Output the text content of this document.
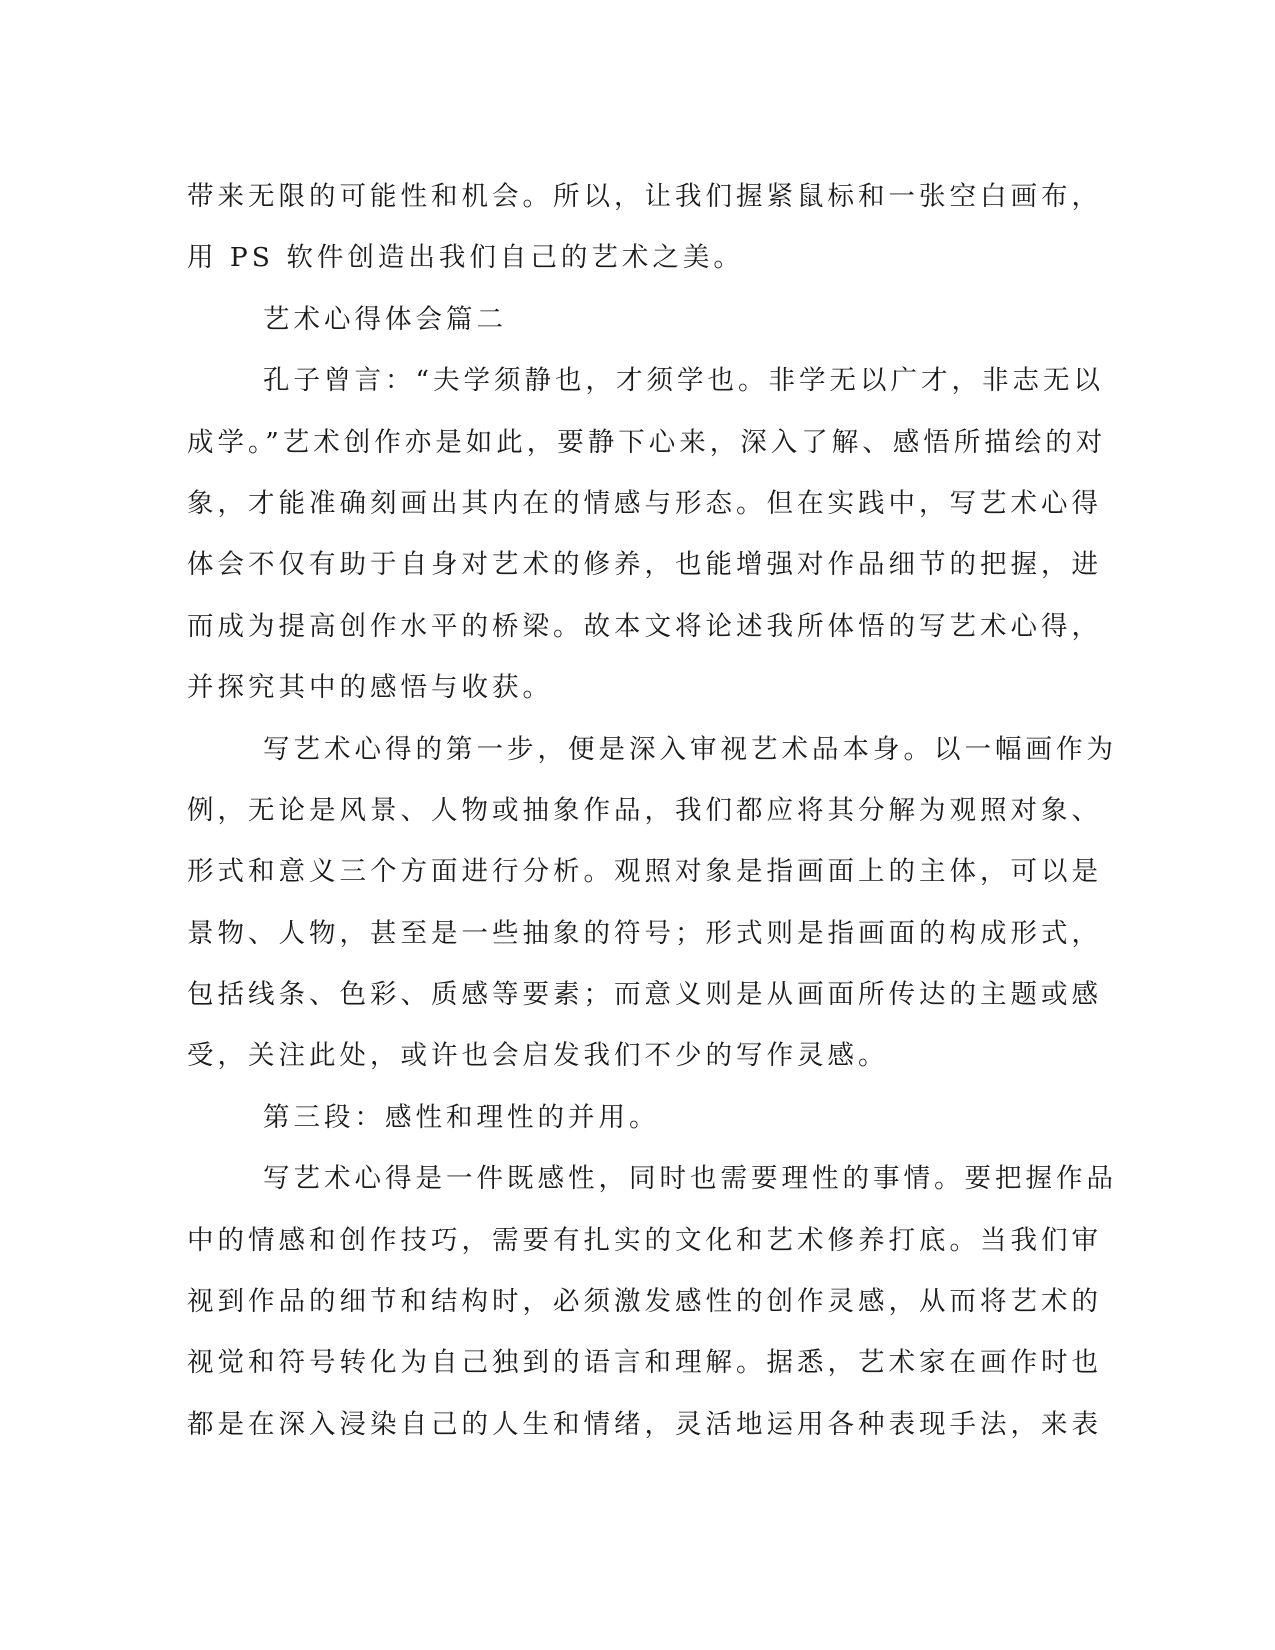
带来无限的可能性和机会。所以，让我们握紧鼠标和一张空白画布，
用 PS 软件创造出我们自己的艺术之美。
艺术心得体会篇二
孔子曾言：“夫学须静也，才须学也。非学无以广才，非志无以
成学。”艺术创作亦是如此，要静下心来，深入了解、感悟所描绘的对
象，才能准确刻画出其内在的情感与形态。但在实践中，写艺术心得
体会不仅有助于自身对艺术的修养，也能增强对作品细节的把握，进
而成为提高创作水平的桥梁。故本文将论述我所体悟的写艺术心得，
并探究其中的感悟与收获。
写艺术心得的第一步，便是深入审视艺术品本身。以一幅画作为
例，无论是风景、人物或抽象作品，我们都应将其分解为观照对象、
形式和意义三个方面进行分析。观照对象是指画面上的主体，可以是
景物、人物，甚至是一些抽象的符号；形式则是指画面的构成形式，
包括线条、色彩、质感等要素；而意义则是从画面所传达的主题或感
受，关注此处，或许也会启发我们不少的写作灵感。
第三段：感性和理性的并用。
写艺术心得是一件既感性，同时也需要理性的事情。要把握作品
中的情感和创作技巧，需要有扎实的文化和艺术修养打底。当我们审
视到作品的细节和结构时，必须激发感性的创作灵感，从而将艺术的
视觉和符号转化为自己独到的语言和理解。据悉，艺术家在画作时也
都是在深入浸染自己的人生和情绪，灵活地运用各种表现手法，来表
